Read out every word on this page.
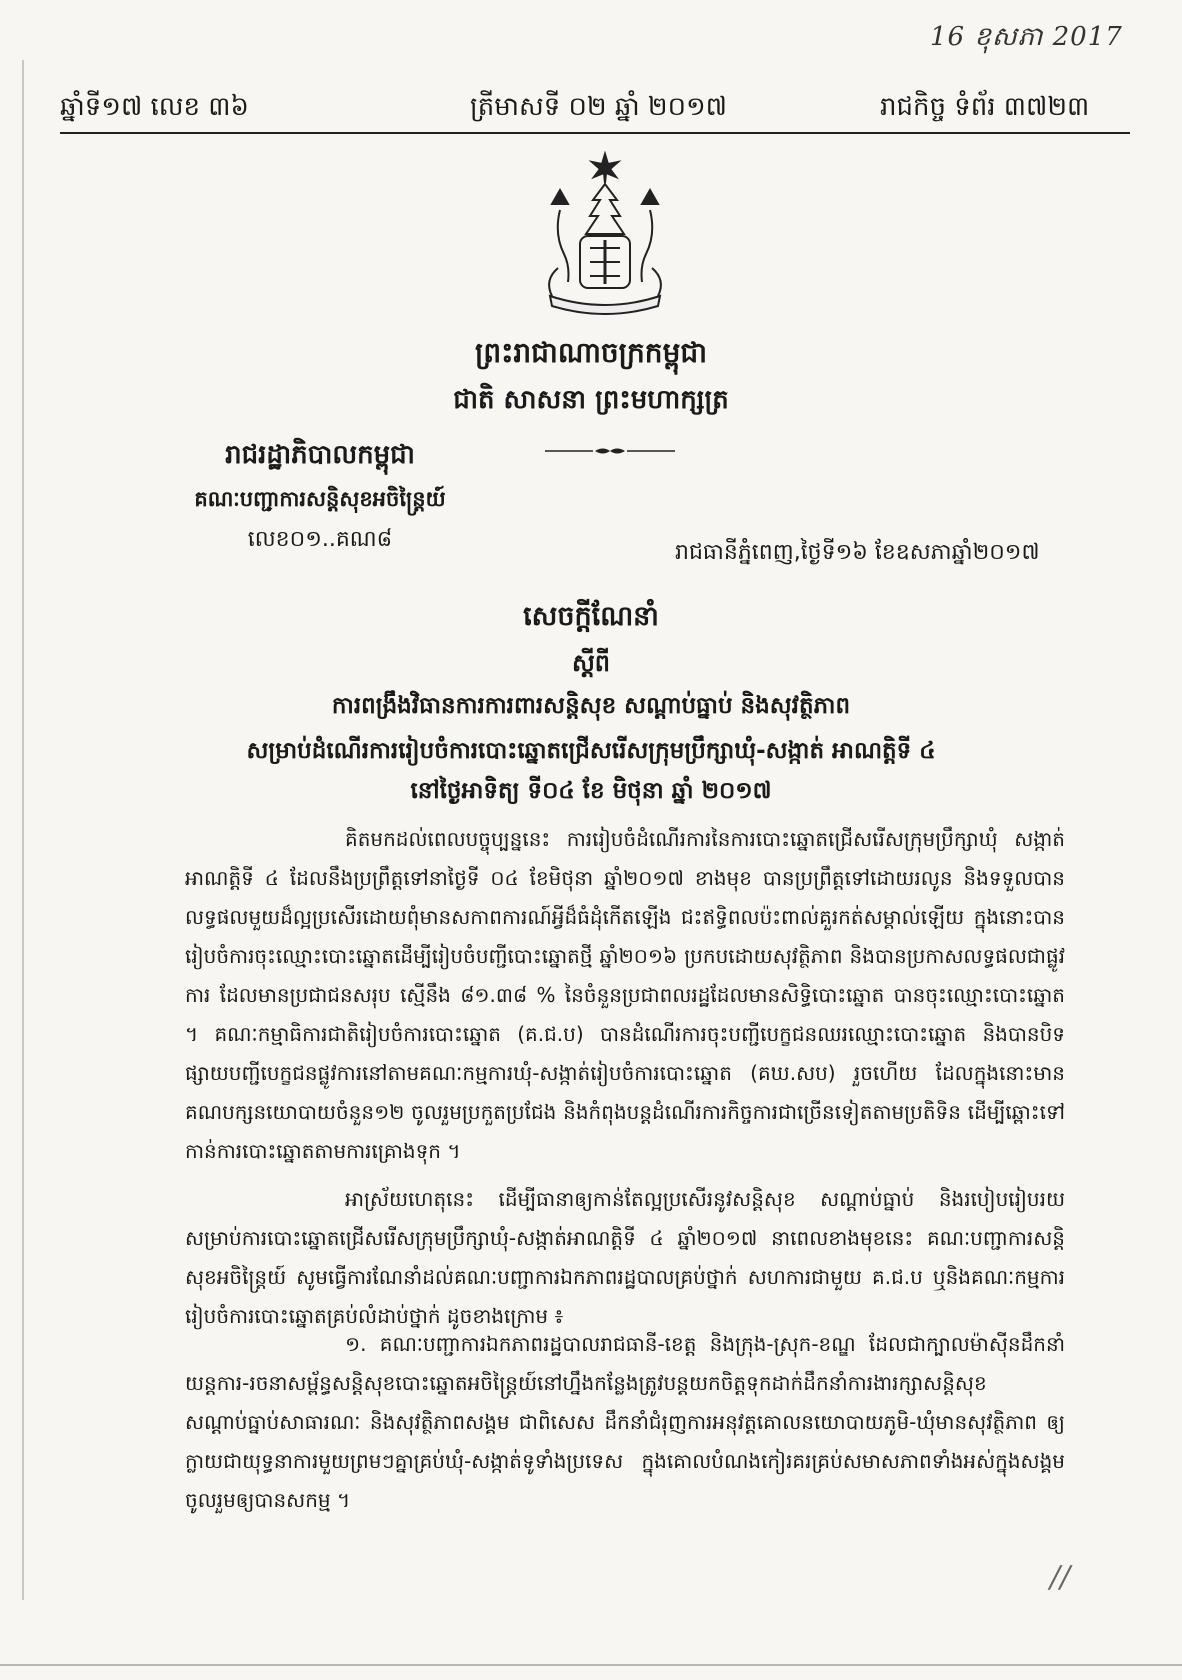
16 ខុសភា 2017
ឆ្នាំទី១៧ លេខ ៣៦	ត្រីមាសទី ០២ ឆ្នាំ ២០១៧	រាជកិច្ច ទំព័រ ៣៧២៣
ព្រះរាជាណាចក្រកម្ពុជា
ជាតិ សាសនា ព្រះមហាក្សត្រ
រាជរដ្ឋាភិបាលកម្ពុជា
គណៈបញ្ជាការសន្តិសុខអចិន្ត្រៃយ៍
លេខ០១..គណ៨
រាជធានីភ្នំពេញ,ថ្ងៃទី១៦ ខែឧសភាឆ្នាំ២០១៧
សេចក្តីណែនាំ
ស្តីពី
ការពង្រឹងវិធានការការពារសន្តិសុខ សណ្តាប់ធ្នាប់ និងសុវត្ថិភាព
សម្រាប់ដំណើរការរៀបចំការបោះឆ្នោតជ្រើសរើសក្រុមប្រឹក្សាឃុំ-សង្កាត់ អាណត្តិទី ៤
នៅថ្ងៃអាទិត្យ ទី០៤ ខែ មិថុនា ឆ្នាំ ២០១៧

គិតមកដល់ពេលបច្ចុប្បន្ននេះ ការរៀបចំដំណើរការនៃការបោះឆ្នោតជ្រើសរើសក្រុមប្រឹក្សាឃុំ សង្កាត់អាណត្តិទី ៤ ដែលនឹងប្រព្រឹត្តទៅនាថ្ងៃទី ០៤ ខែមិថុនា ឆ្នាំ២០១៧ ខាងមុខ បានប្រព្រឹត្តទៅដោយរលូន និងទទួលបានលទ្ធផលមួយដ៏ល្អប្រសើរដោយពុំមានសកាពការណ៍អ្វីដ៏ធំដុំកើតឡើង ជះឥទ្ធិពលប៉ះពាល់គួរកត់សម្គាល់ឡើយ ក្នុងនោះបានរៀបចំការចុះឈ្មោះបោះឆ្នោតដើម្បីរៀបចំបញ្ជីបោះឆ្នោតថ្មី ឆ្នាំ២០១៦ ប្រកបដោយសុវត្ថិភាព និងបានប្រកាសលទ្ធផលជាផ្លូវការ ដែលមានប្រជាជនសរុប ស្មើនឹង ៨១.៣៨ % នៃចំនួនប្រជាពលរដ្ឋដែលមានសិទ្ធិបោះឆ្នោត បានចុះឈ្មោះបោះឆ្នោត ។ គណៈកម្មាធិការជាតិរៀបចំការបោះឆ្នោត (គ.ជ.ប) បានដំណើរការចុះបញ្ជីបេក្ខជនឈរឈ្មោះបោះឆ្នោត និងបានបិទផ្សាយបញ្ជីបេក្ខជនផ្លូវការនៅតាមគណៈកម្មការឃុំ-សង្កាត់រៀបចំការបោះឆ្នោត (គឃ.សប) រួចហើយ ដែលក្នុងនោះមានគណបក្សនយោបាយចំនួន១២ ចូលរួមប្រកួតប្រជែង និងកំពុងបន្តដំណើរការកិច្ចការជាច្រើនទៀតតាមប្រតិទិន ដើម្បីឆ្ពោះទៅកាន់ការបោះឆ្នោតតាមការគ្រោងទុក ។

អាស្រ័យហេតុនេះ ដើម្បីធានាឲ្យកាន់តែល្អប្រសើរនូវសន្តិសុខ សណ្តាប់ធ្នាប់ និងរបៀបរៀបរយសម្រាប់ការបោះឆ្នោតជ្រើសរើសក្រុមប្រឹក្សាឃុំ-សង្កាត់អាណត្តិទី ៤ ឆ្នាំ២០១៧ នាពេលខាងមុខនេះ គណៈបញ្ជាការសន្តិសុខអចិន្ត្រៃយ៍ សូមធ្វើការណែនាំដល់គណៈបញ្ជាការឯកភាពរដ្ឋបាលគ្រប់ថ្នាក់ សហការជាមួយ គ.ជ.ប ឬនិងគណៈកម្មការរៀបចំការបោះឆ្នោតគ្រប់លំដាប់ថ្នាក់ ដូចខាងក្រោម ៖

១. គណៈបញ្ជាការឯកភាពរដ្ឋបាលរាជធានី-ខេត្ត និងក្រុង-ស្រុក-ខណ្ឌ ដែលជាក្បាលម៉ាស៊ីនដឹកនាំយន្តការ-រចនាសម្ព័ន្ធសន្តិសុខបោះឆ្នោតអចិន្ត្រៃយ៍នៅហ្នឹងកន្លែងត្រូវបន្តយកចិត្តទុកដាក់ដឹកនាំការងារក្សាសន្តិសុខ សណ្តាប់ធ្នាប់សាធារណៈ និងសុវត្ថិភាពសង្គម ជាពិសេស ដឹកនាំជំរុញការអនុវត្តគោលនយោបាយភូមិ-ឃុំមានសុវត្ថិភាព ឲ្យក្លាយជាយុទ្ធនាការមួយព្រមៗគ្នាគ្រប់ឃុំ-សង្កាត់ទូទាំងប្រទេស ក្នុងគោលបំណងកៀរគរគ្រប់សមាសភាពទាំងអស់ក្នុងសង្គមចូលរួមឲ្យបានសកម្ម ។

∕∕
